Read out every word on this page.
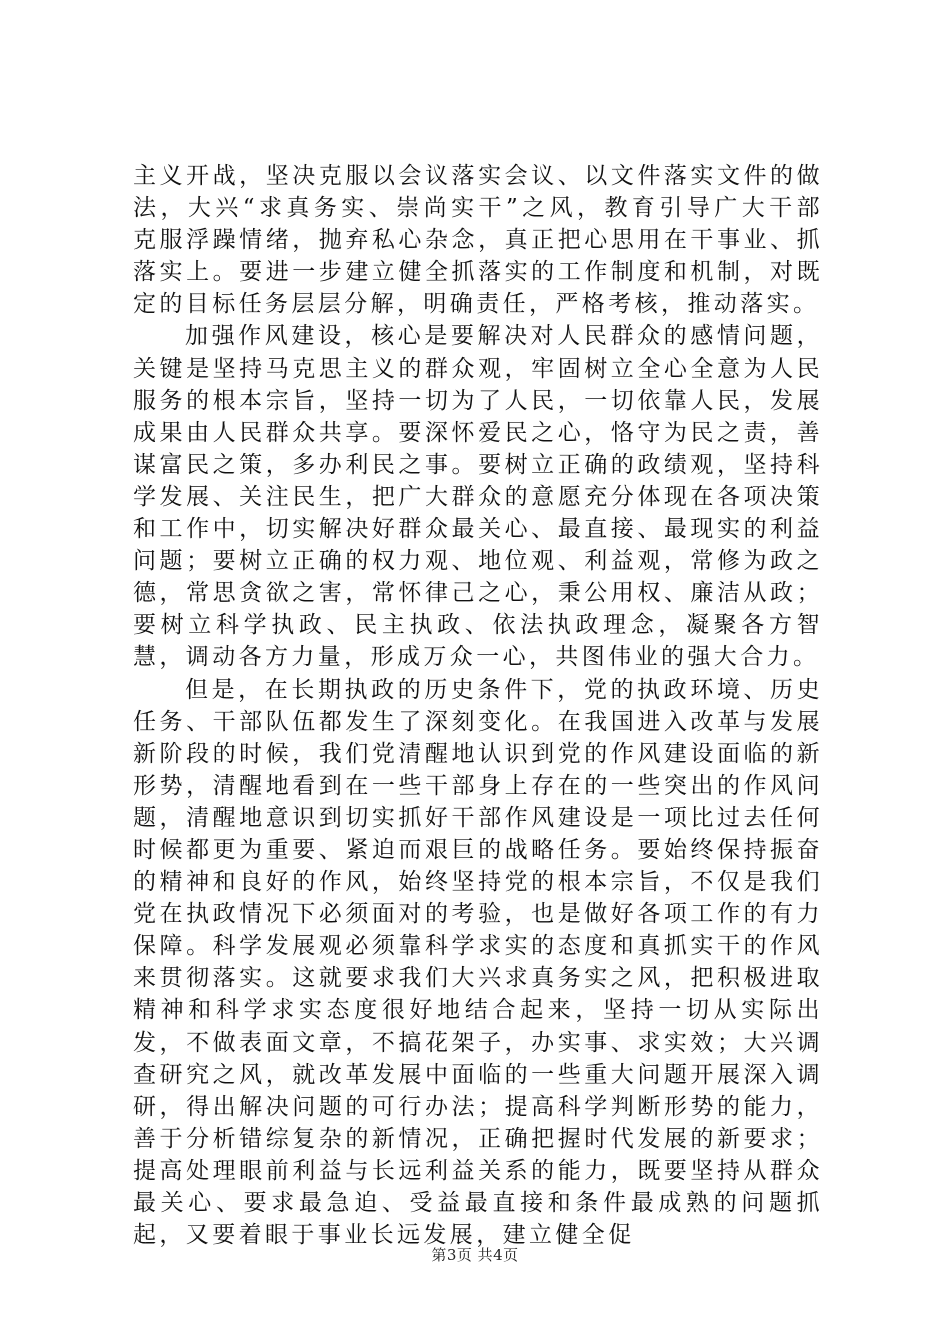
主义开战，坚决克服以会议落实会议、以文件落实文件的做法，大兴“求真务实、崇尚实干”之风，教育引导广大干部克服浮躁情绪，抛弃私心杂念，真正把心思用在干事业、抓落实上。要进一步建立健全抓落实的工作制度和机制，对既定的目标任务层层分解，明确责任，严格考核，推动落实。

加强作风建设，核心是要解决对人民群众的感情问题，关键是坚持马克思主义的群众观，牢固树立全心全意为人民服务的根本宗旨，坚持一切为了人民，一切依靠人民，发展成果由人民群众共享。要深怀爱民之心，恪守为民之责，善谋富民之策，多办利民之事。要树立正确的政绩观，坚持科学发展、关注民生，把广大群众的意愿充分体现在各项决策和工作中，切实解决好群众最关心、最直接、最现实的利益问题；要树立正确的权力观、地位观、利益观，常修为政之德，常思贪欲之害，常怀律己之心，秉公用权、廉洁从政；要树立科学执政、民主执政、依法执政理念，凝聚各方智慧，调动各方力量，形成万众一心，共图伟业的强大合力。

但是，在长期执政的历史条件下，党的执政环境、历史任务、干部队伍都发生了深刻变化。在我国进入改革与发展新阶段的时候，我们党清醒地认识到党的作风建设面临的新形势，清醒地看到在一些干部身上存在的一些突出的作风问题，清醒地意识到切实抓好干部作风建设是一项比过去任何时候都更为重要、紧迫而艰巨的战略任务。要始终保持振奋的精神和良好的作风，始终坚持党的根本宗旨，不仅是我们党在执政情况下必须面对的考验，也是做好各项工作的有力保障。科学发展观必须靠科学求实的态度和真抓实干的作风来贯彻落实。这就要求我们大兴求真务实之风，把积极进取精神和科学求实态度很好地结合起来，坚持一切从实际出发，不做表面文章，不搞花架子，办实事、求实效；大兴调查研究之风，就改革发展中面临的一些重大问题开展深入调研，得出解决问题的可行办法；提高科学判断形势的能力，善于分析错综复杂的新情况，正确把握时代发展的新要求；提高处理眼前利益与长远利益关系的能力，既要坚持从群众最关心、要求最急迫、受益最直接和条件最成熟的问题抓起，又要着眼于事业长远发展，建立健全促

第3页 共4页
